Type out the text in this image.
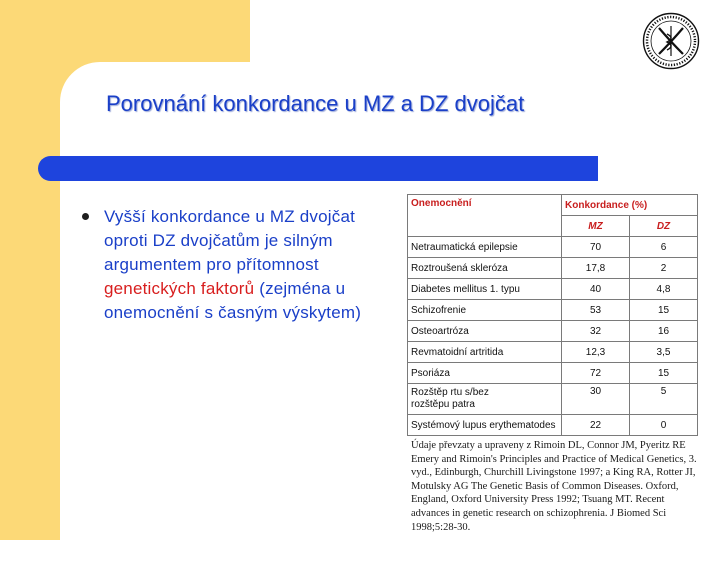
Porovnání konkordance u MZ a DZ dvojčat
Vyšší konkordance u MZ dvojčat oproti DZ dvojčatům je silným argumentem pro přítomnost genetických faktorů (zejména u onemocnění s časným výskytem)
Onemocnění	Konkordance (%)	
	MZ	DZ
Netraumatická epilepsie	70	6
Roztroušená skleróza	17,8	2
Diabetes mellitus 1. typu	40	4,8
Schizofrenie	53	15
Osteoartróza	32	16
Revmatoidní artritida	12,3	3,5
Psoriáza	72	15
Rozštěp rtu s/bez
rozštěpu patra	30	5
Systémový lupus erythematodes	22	0

Údaje převzaty a upraveny z Rimoin DL, Connor JM, Pyeritz RE Emery and Rimoin's Principles and Practice of Medical Genetics, 3. vyd., Edinburgh, Churchill Livingstone 1997; a King RA, Rotter JI, Motulsky AG The Genetic Basis of Common Diseases. Oxford, England, Oxford University Press 1992; Tsuang MT. Recent advances in genetic research on schizophrenia. J Biomed Sci 1998;5:28-30.
